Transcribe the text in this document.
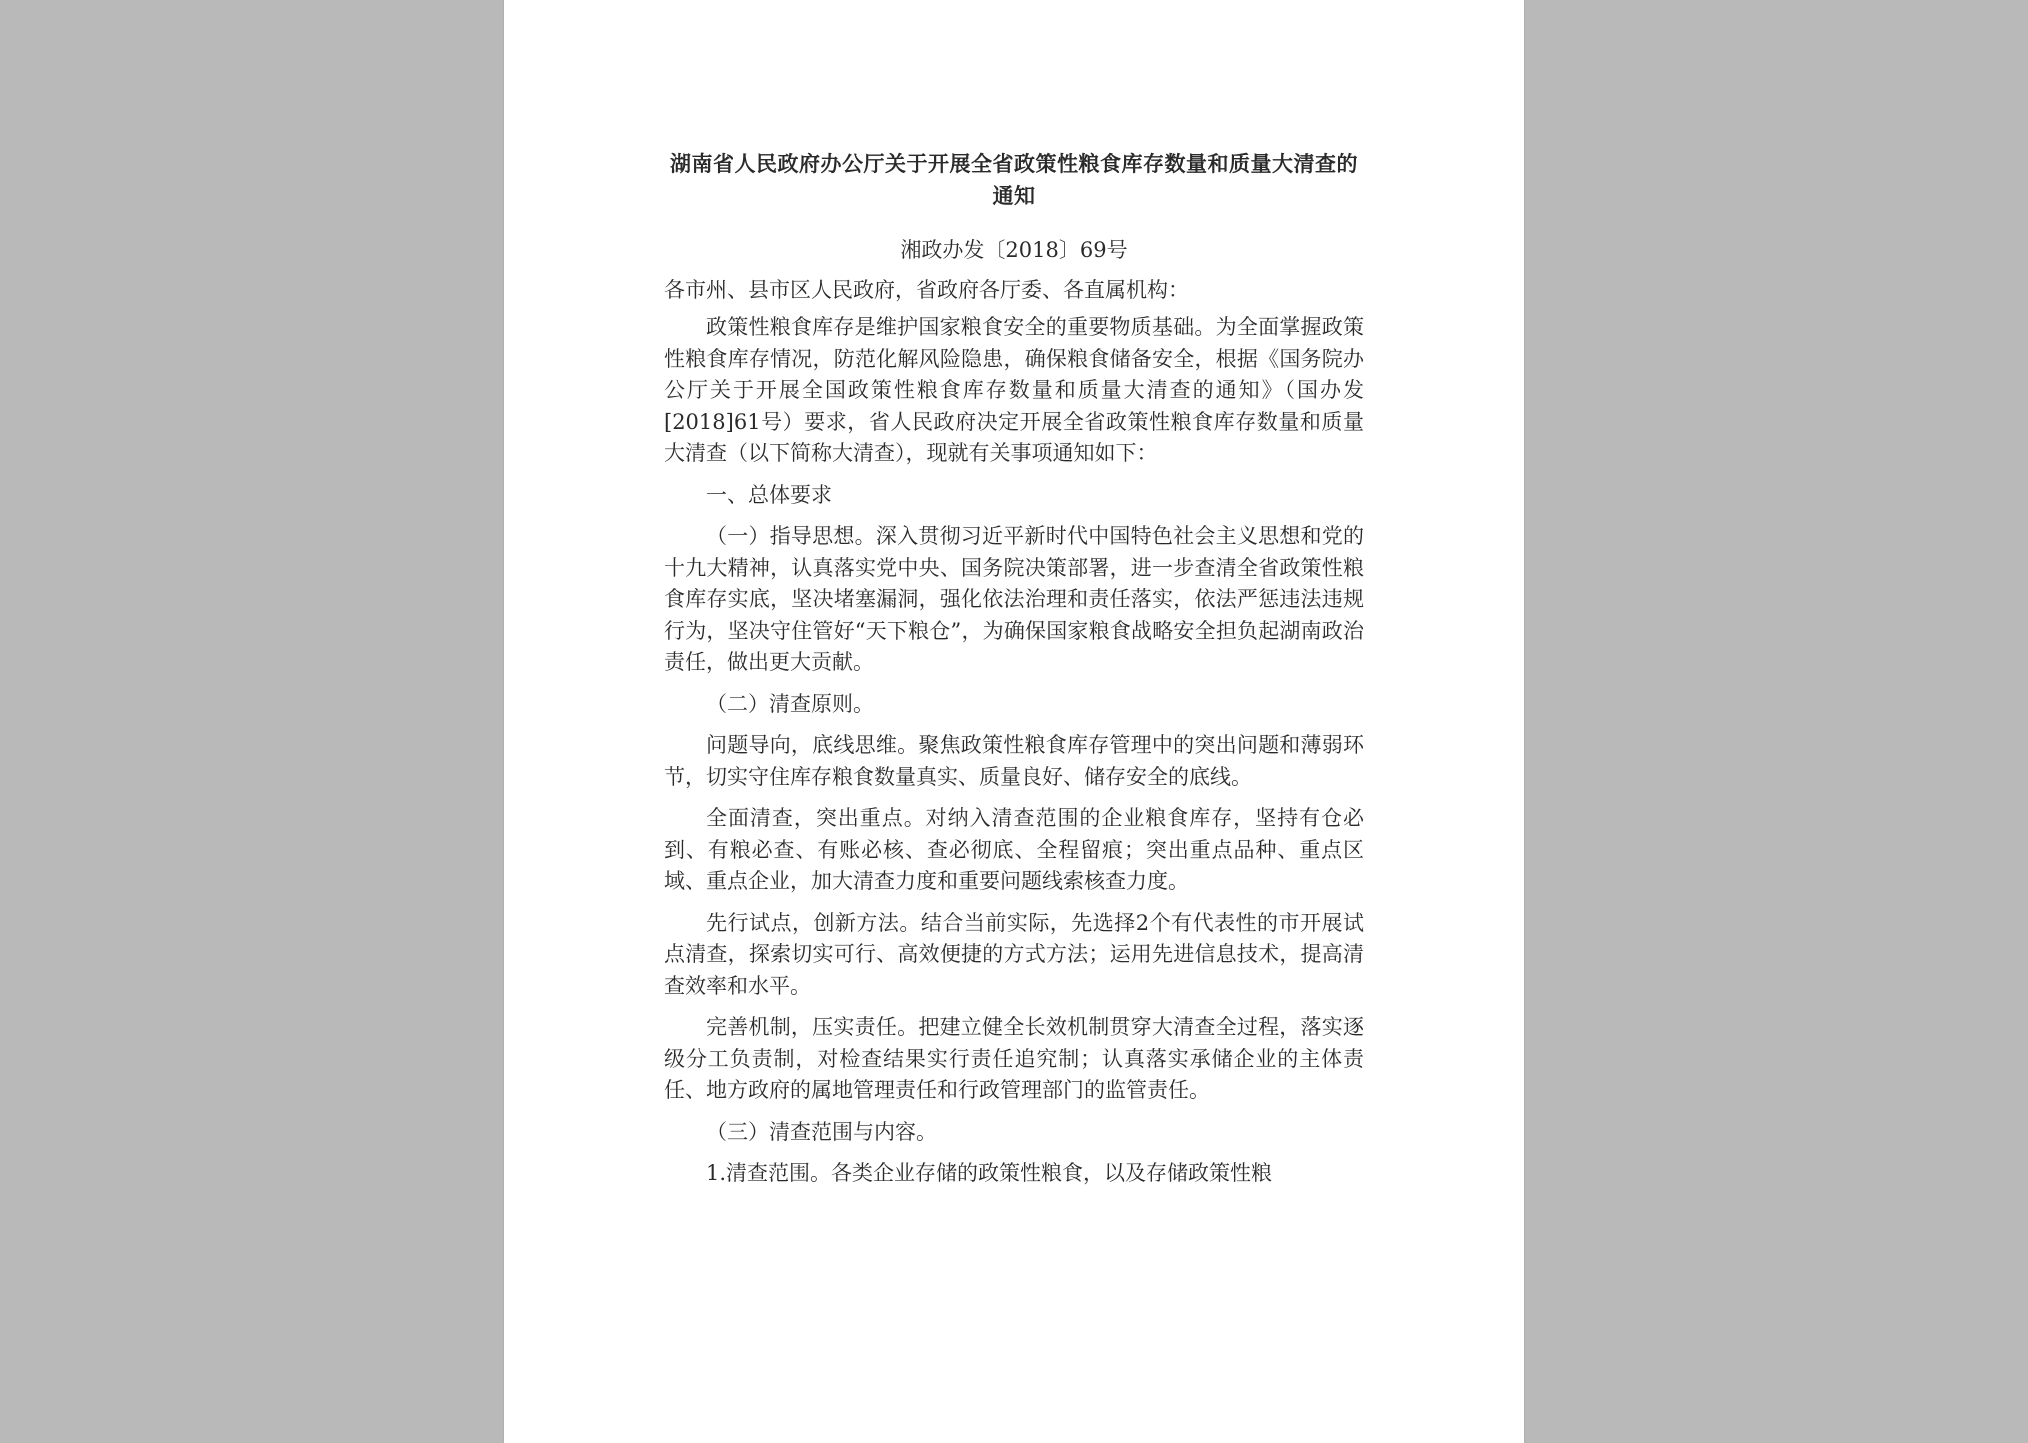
湖南省人民政府办公厅关于开展全省政策性粮食库存数量和质量大清查的通知
湘政办发〔2018〕69号
各市州、县市区人民政府，省政府各厅委、各直属机构：
政策性粮食库存是维护国家粮食安全的重要物质基础。为全面掌握政策性粮食库存情况，防范化解风险隐患，确保粮食储备安全，根据《国务院办公厅关于开展全国政策性粮食库存数量和质量大清查的通知》（国办发[2018]61号）要求，省人民政府决定开展全省政策性粮食库存数量和质量大清查（以下简称大清查），现就有关事项通知如下：
一、总体要求
（一）指导思想。深入贯彻习近平新时代中国特色社会主义思想和党的十九大精神，认真落实党中央、国务院决策部署，进一步查清全省政策性粮食库存实底，坚决堵塞漏洞，强化依法治理和责任落实，依法严惩违法违规行为，坚决守住管好“天下粮仓”，为确保国家粮食战略安全担负起湖南政治责任，做出更大贡献。
（二）清查原则。
问题导向，底线思维。聚焦政策性粮食库存管理中的突出问题和薄弱环节，切实守住库存粮食数量真实、质量良好、储存安全的底线。
全面清查，突出重点。对纳入清查范围的企业粮食库存，坚持有仓必到、有粮必查、有账必核、查必彻底、全程留痕；突出重点品种、重点区域、重点企业，加大清查力度和重要问题线索核查力度。
先行试点，创新方法。结合当前实际，先选择2个有代表性的市开展试点清查，探索切实可行、高效便捷的方式方法；运用先进信息技术，提高清查效率和水平。
完善机制，压实责任。把建立健全长效机制贯穿大清查全过程，落实逐级分工负责制，对检查结果实行责任追究制；认真落实承储企业的主体责任、地方政府的属地管理责任和行政管理部门的监管责任。
（三）清查范围与内容。
1.清查范围。各类企业存储的政策性粮食，以及存储政策性粮
